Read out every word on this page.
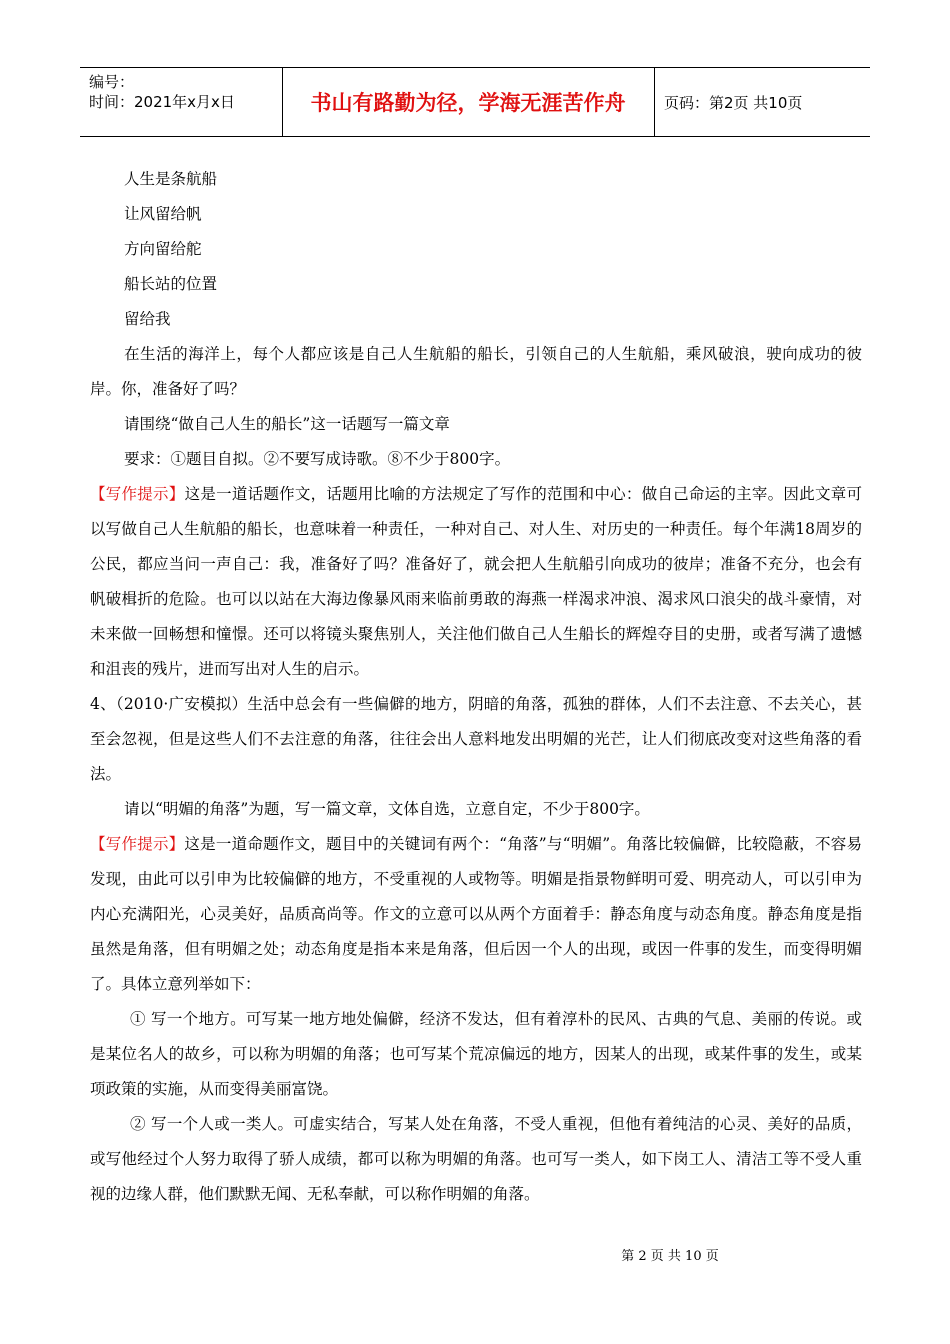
编号：
时间：2021年x月x日	书山有路勤为径，学海无涯苦作舟	页码：第2页 共10页

人生是条航船

让风留给帆

方向留给舵

船长站的位置

留给我

在生活的海洋上，每个人都应该是自己人生航船的船长，引领自己的人生航船，乘风破浪，驶向成功的彼岸。你，准备好了吗？

请围绕“做自己人生的船长”这一话题写一篇文章

要求：①题目自拟。②不要写成诗歌。⑧不少于800字。

【写作提示】这是一道话题作文，话题用比喻的方法规定了写作的范围和中心：做自己命运的主宰。因此文章可以写做自己人生航船的船长，也意味着一种责任，一种对自己、对人生、对历史的一种责任。每个年满18周岁的公民，都应当问一声自己：我，准备好了吗？准备好了，就会把人生航船引向成功的彼岸；准备不充分，也会有帆破楫折的危险。也可以以站在大海边像暴风雨来临前勇敢的海燕一样渴求冲浪、渴求风口浪尖的战斗豪情，对未来做一回畅想和憧憬。还可以将镜头聚焦别人，关注他们做自己人生船长的辉煌夺目的史册，或者写满了遗憾和沮丧的残片，进而写出对人生的启示。

4、（2010·广安模拟）生活中总会有一些偏僻的地方，阴暗的角落，孤独的群体，人们不去注意、不去关心，甚至会忽视，但是这些人们不去注意的角落，往往会出人意料地发出明媚的光芒，让人们彻底改变对这些角落的看法。

请以“明媚的角落”为题，写一篇文章，文体自选，立意自定，不少于800字。

【写作提示】这是一道命题作文，题目中的关键词有两个：“角落”与“明媚”。角落比较偏僻，比较隐蔽，不容易发现，由此可以引申为比较偏僻的地方，不受重视的人或物等。明媚是指景物鲜明可爱、明亮动人，可以引申为内心充满阳光，心灵美好，品质高尚等。作文的立意可以从两个方面着手：静态角度与动态角度。静态角度是指虽然是角落，但有明媚之处；动态角度是指本来是角落，但后因一个人的出现，或因一件事的发生，而变得明媚了。具体立意列举如下：

① 写一个地方。可写某一地方地处偏僻，经济不发达，但有着淳朴的民风、古典的气息、美丽的传说。或是某位名人的故乡，可以称为明媚的角落；也可写某个荒凉偏远的地方，因某人的出现，或某件事的发生，或某项政策的实施，从而变得美丽富饶。

② 写一个人或一类人。可虚实结合，写某人处在角落，不受人重视，但他有着纯洁的心灵、美好的品质，或写他经过个人努力取得了骄人成绩，都可以称为明媚的角落。也可写一类人，如下岗工人、清洁工等不受人重视的边缘人群，他们默默无闻、无私奉献，可以称作明媚的角落。

第 2 页 共 10 页
